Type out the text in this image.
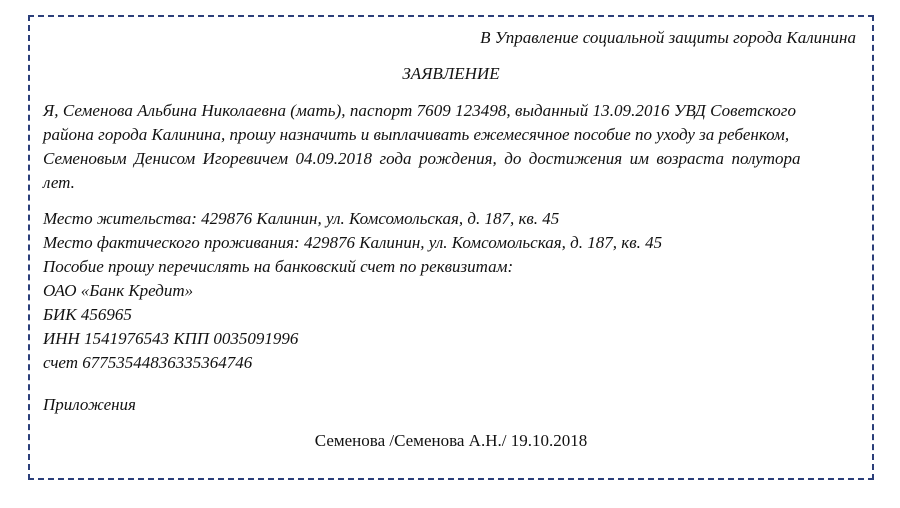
В Управление социальной защиты города Калинина
ЗАЯВЛЕНИЕ
Я, Семенова Альбина Николаевна (мать), паспорт 7609 123498, выданный 13.09.2016 УВД Советского
района города Калинина, прошу назначить и выплачивать ежемесячное пособие по уходу за ребенком,
Семеновым Денисом Игоревичем 04.09.2018 года рождения, до достижения им возраста полутора
лет.
Место жительства: 429876 Калинин, ул. Комсомольская, д. 187, кв. 45
Место фактического проживания: 429876 Калинин, ул. Комсомольская, д. 187, кв. 45
Пособие прошу перечислять на банковский счет по реквизитам:
ОАО «Банк Кредит»
БИК 456965
ИНН 1541976543 КПП 0035091996
счет 67753544836335364746
Приложения
Семенова /Семенова А.Н./ 19.10.2018
